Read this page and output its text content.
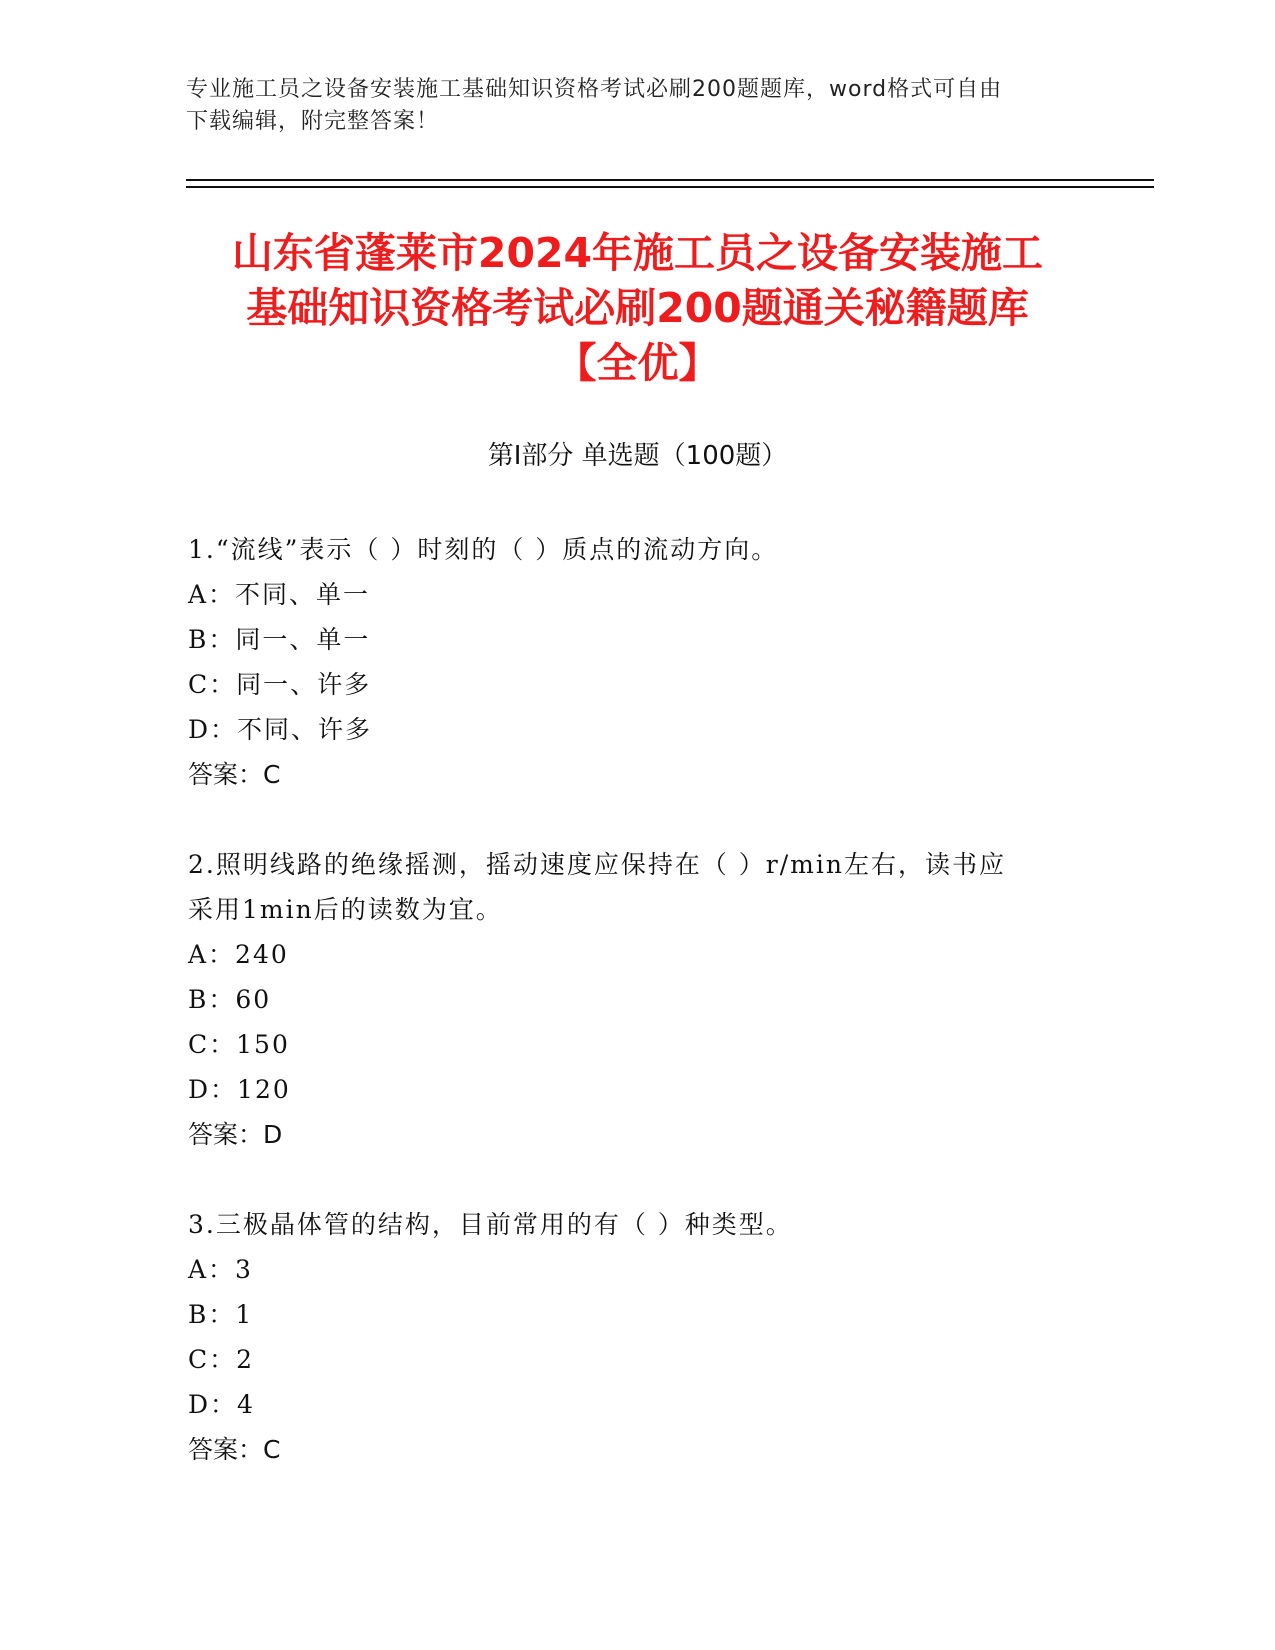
专业施工员之设备安装施工基础知识资格考试必刷200题题库，word格式可自由
下载编辑，附完整答案！
山东省蓬莱市2024年施工员之设备安装施工
基础知识资格考试必刷200题通关秘籍题库
【全优】
第I部分 单选题（100题）
1.“流线”表示（ ）时刻的（ ）质点的流动方向。
A：不同、单一
B：同一、单一
C：同一、许多
D：不同、许多
答案：C
2.照明线路的绝缘摇测，摇动速度应保持在（ ）r/min左右，读书应
采用1min后的读数为宜。
A：240
B：60
C：150
D：120
答案：D
3.三极晶体管的结构，目前常用的有（ ）种类型。
A：3
B：1
C：2
D：4
答案：C
